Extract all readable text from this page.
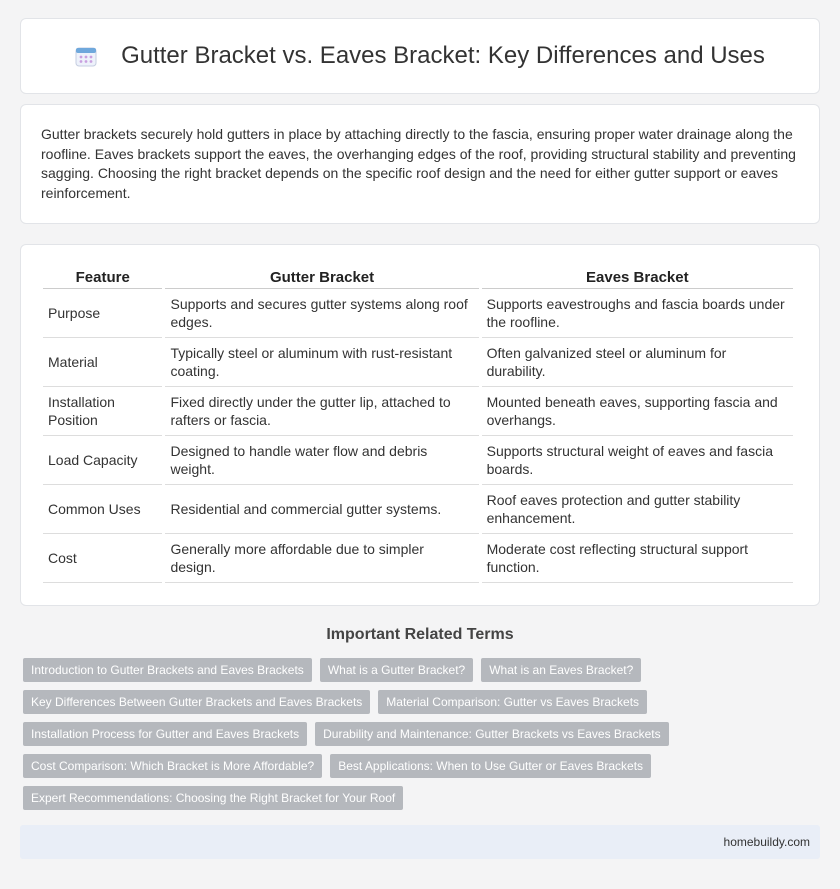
Gutter Bracket vs. Eaves Bracket: Key Differences and Uses

Gutter brackets securely hold gutters in place by attaching directly to the fascia, ensuring proper water drainage along the roofline. Eaves brackets support the eaves, the overhanging edges of the roof, providing structural stability and preventing sagging. Choosing the right bracket depends on the specific roof design and the need for either gutter support or eaves reinforcement.

Feature	Gutter Bracket	Eaves Bracket
Purpose	Supports and secures gutter systems along roof edges.	Supports eavestroughs and fascia boards under the roofline.
Material	Typically steel or aluminum with rust-resistant coating.	Often galvanized steel or aluminum for durability.
Installation Position	Fixed directly under the gutter lip, attached to rafters or fascia.	Mounted beneath eaves, supporting fascia and overhangs.
Load Capacity	Designed to handle water flow and debris weight.	Supports structural weight of eaves and fascia boards.
Common Uses	Residential and commercial gutter systems.	Roof eaves protection and gutter stability enhancement.
Cost	Generally more affordable due to simpler design.	Moderate cost reflecting structural support function.
Important Related Terms
Introduction to Gutter Brackets and Eaves Brackets	What is a Gutter Bracket?	What is an Eaves Bracket?
Key Differences Between Gutter Brackets and Eaves Brackets	Material Comparison: Gutter vs Eaves Brackets
Installation Process for Gutter and Eaves Brackets	Durability and Maintenance: Gutter Brackets vs Eaves Brackets
Cost Comparison: Which Bracket is More Affordable?	Best Applications: When to Use Gutter or Eaves Brackets
Expert Recommendations: Choosing the Right Bracket for Your Roof
homebuildy.com
